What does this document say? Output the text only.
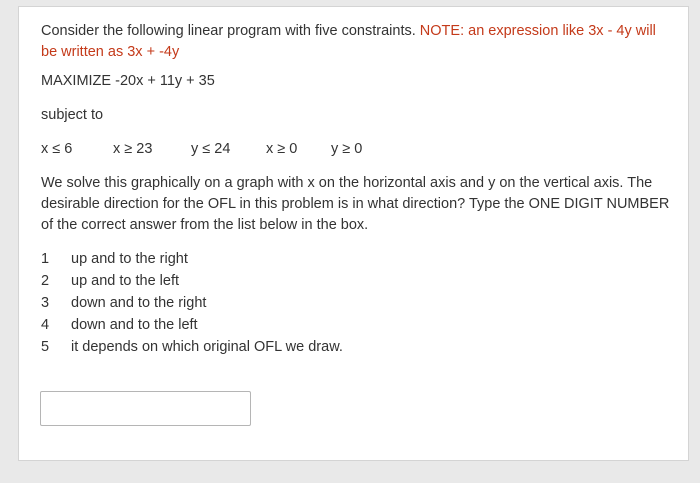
Consider the following linear program with five constraints. NOTE: an expression like 3x - 4y will
be written as 3x + -4y

MAXIMIZE -20x + 11y + 35

subject to

x ≤ 6	x ≥ 23	y ≤ 24 x ≥ 0 y ≥ 0

We solve this graphically on a graph with x on the horizontal axis and y on the vertical axis. The desirable direction for the OFL in this problem is in what direction? Type the ONE DIGIT NUMBER of the correct answer from the list below in the box.

1 up and to the right
2 up and to the left
3 down and to the right
4 down and to the left
5 it depends on which original OFL we draw.
